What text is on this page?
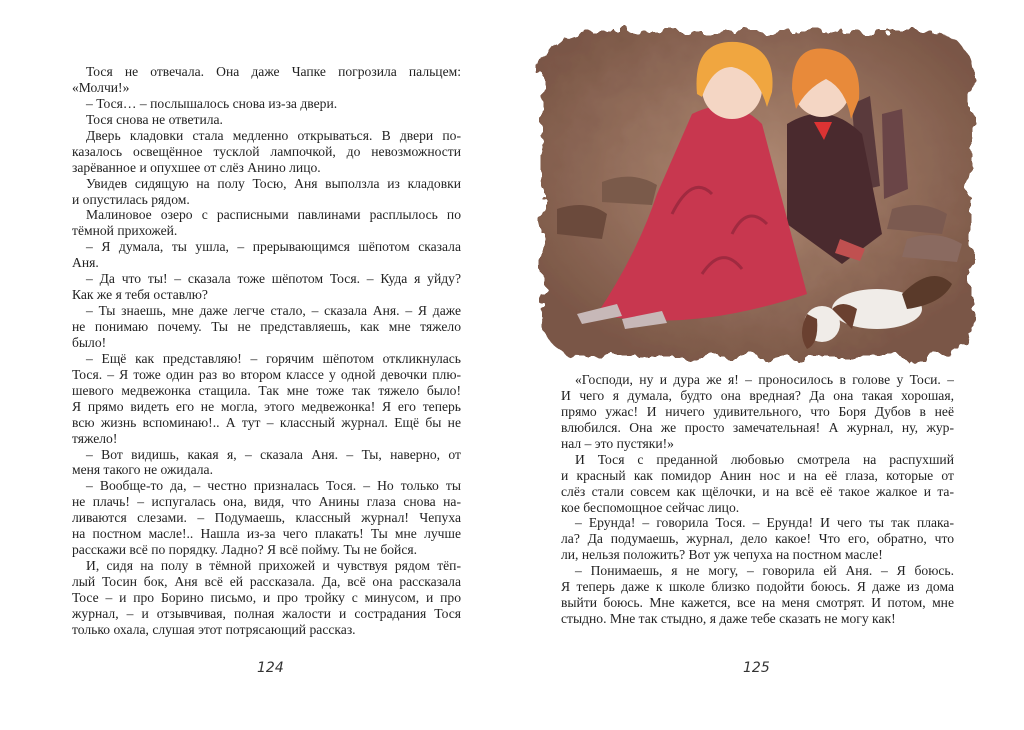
Тося не отвечала. Она даже Чапке погрозила пальцем:
«Молчи!»
– Тося… – послышалось снова из-за двери.
Тося снова не ответила.
Дверь кладовки стала медленно открываться. В двери по-
казалось освещённое тусклой лампочкой, до невозможности
зарёванное и опухшее от слёз Анино лицо.
Увидев сидящую на полу Тосю, Аня выползла из кладовки
и опустилась рядом.
Малиновое озеро с расписными павлинами расплылось по
тёмной прихожей.
– Я думала, ты ушла, – прерывающимся шёпотом сказала
Аня.
– Да что ты! – сказала тоже шёпотом Тося. – Куда я уйду?
Как же я тебя оставлю?
– Ты знаешь, мне даже легче стало, – сказала Аня. – Я даже
не понимаю почему. Ты не представляешь, как мне тяжело
было!
– Ещё как представляю! – горячим шёпотом откликнулась
Тося. – Я тоже один раз во втором классе у одной девочки плю-
шевого медвежонка стащила. Так мне тоже так тяжело было!
Я прямо видеть его не могла, этого медвежонка! Я его теперь
всю жизнь вспоминаю!.. А тут – классный журнал. Ещё бы не
тяжело!
– Вот видишь, какая я, – сказала Аня. – Ты, наверно, от
меня такого не ожидала.
– Вообще-то да, – честно призналась Тося. – Но только ты
не плачь! – испугалась она, видя, что Анины глаза снова на-
ливаются слезами. – Подумаешь, классный журнал! Чепуха
на постном масле!.. Нашла из-за чего плакать! Ты мне лучше
расскажи всё по порядку. Ладно? Я всё пойму. Ты не бойся.
И, сидя на полу в тёмной прихожей и чувствуя рядом тёп-
лый Тосин бок, Аня всё ей рассказала. Да, всё она рассказала
Тосе – и про Борино письмо, и про тройку с минусом, и про
журнал, – и отзывчивая, полная жалости и сострадания Тося
только охала, слушая этот потрясающий рассказ.
124
«Господи, ну и дура же я! – проносилось в голове у Тоси. –
И чего я думала, будто она вредная? Да она такая хорошая,
прямо ужас! И ничего удивительного, что Боря Дубов в неё
влюбился. Она же просто замечательная! А журнал, ну, жур-
нал – это пустяки!»
И Тося с преданной любовью смотрела на распухший
и красный как помидор Анин нос и на её глаза, которые от
слёз стали совсем как щёлочки, и на всё её такое жалкое и та-
кое беспомощное сейчас лицо.
– Ерунда! – говорила Тося. – Ерунда! И чего ты так плака-
ла? Да подумаешь, журнал, дело какое! Что его, обратно, что
ли, нельзя положить? Вот уж чепуха на постном масле!
– Понимаешь, я не могу, – говорила ей Аня. – Я боюсь.
Я теперь даже к школе близко подойти боюсь. Я даже из дома
выйти боюсь. Мне кажется, все на меня смотрят. И потом, мне
стыдно. Мне так стыдно, я даже тебе сказать не могу как!
125
